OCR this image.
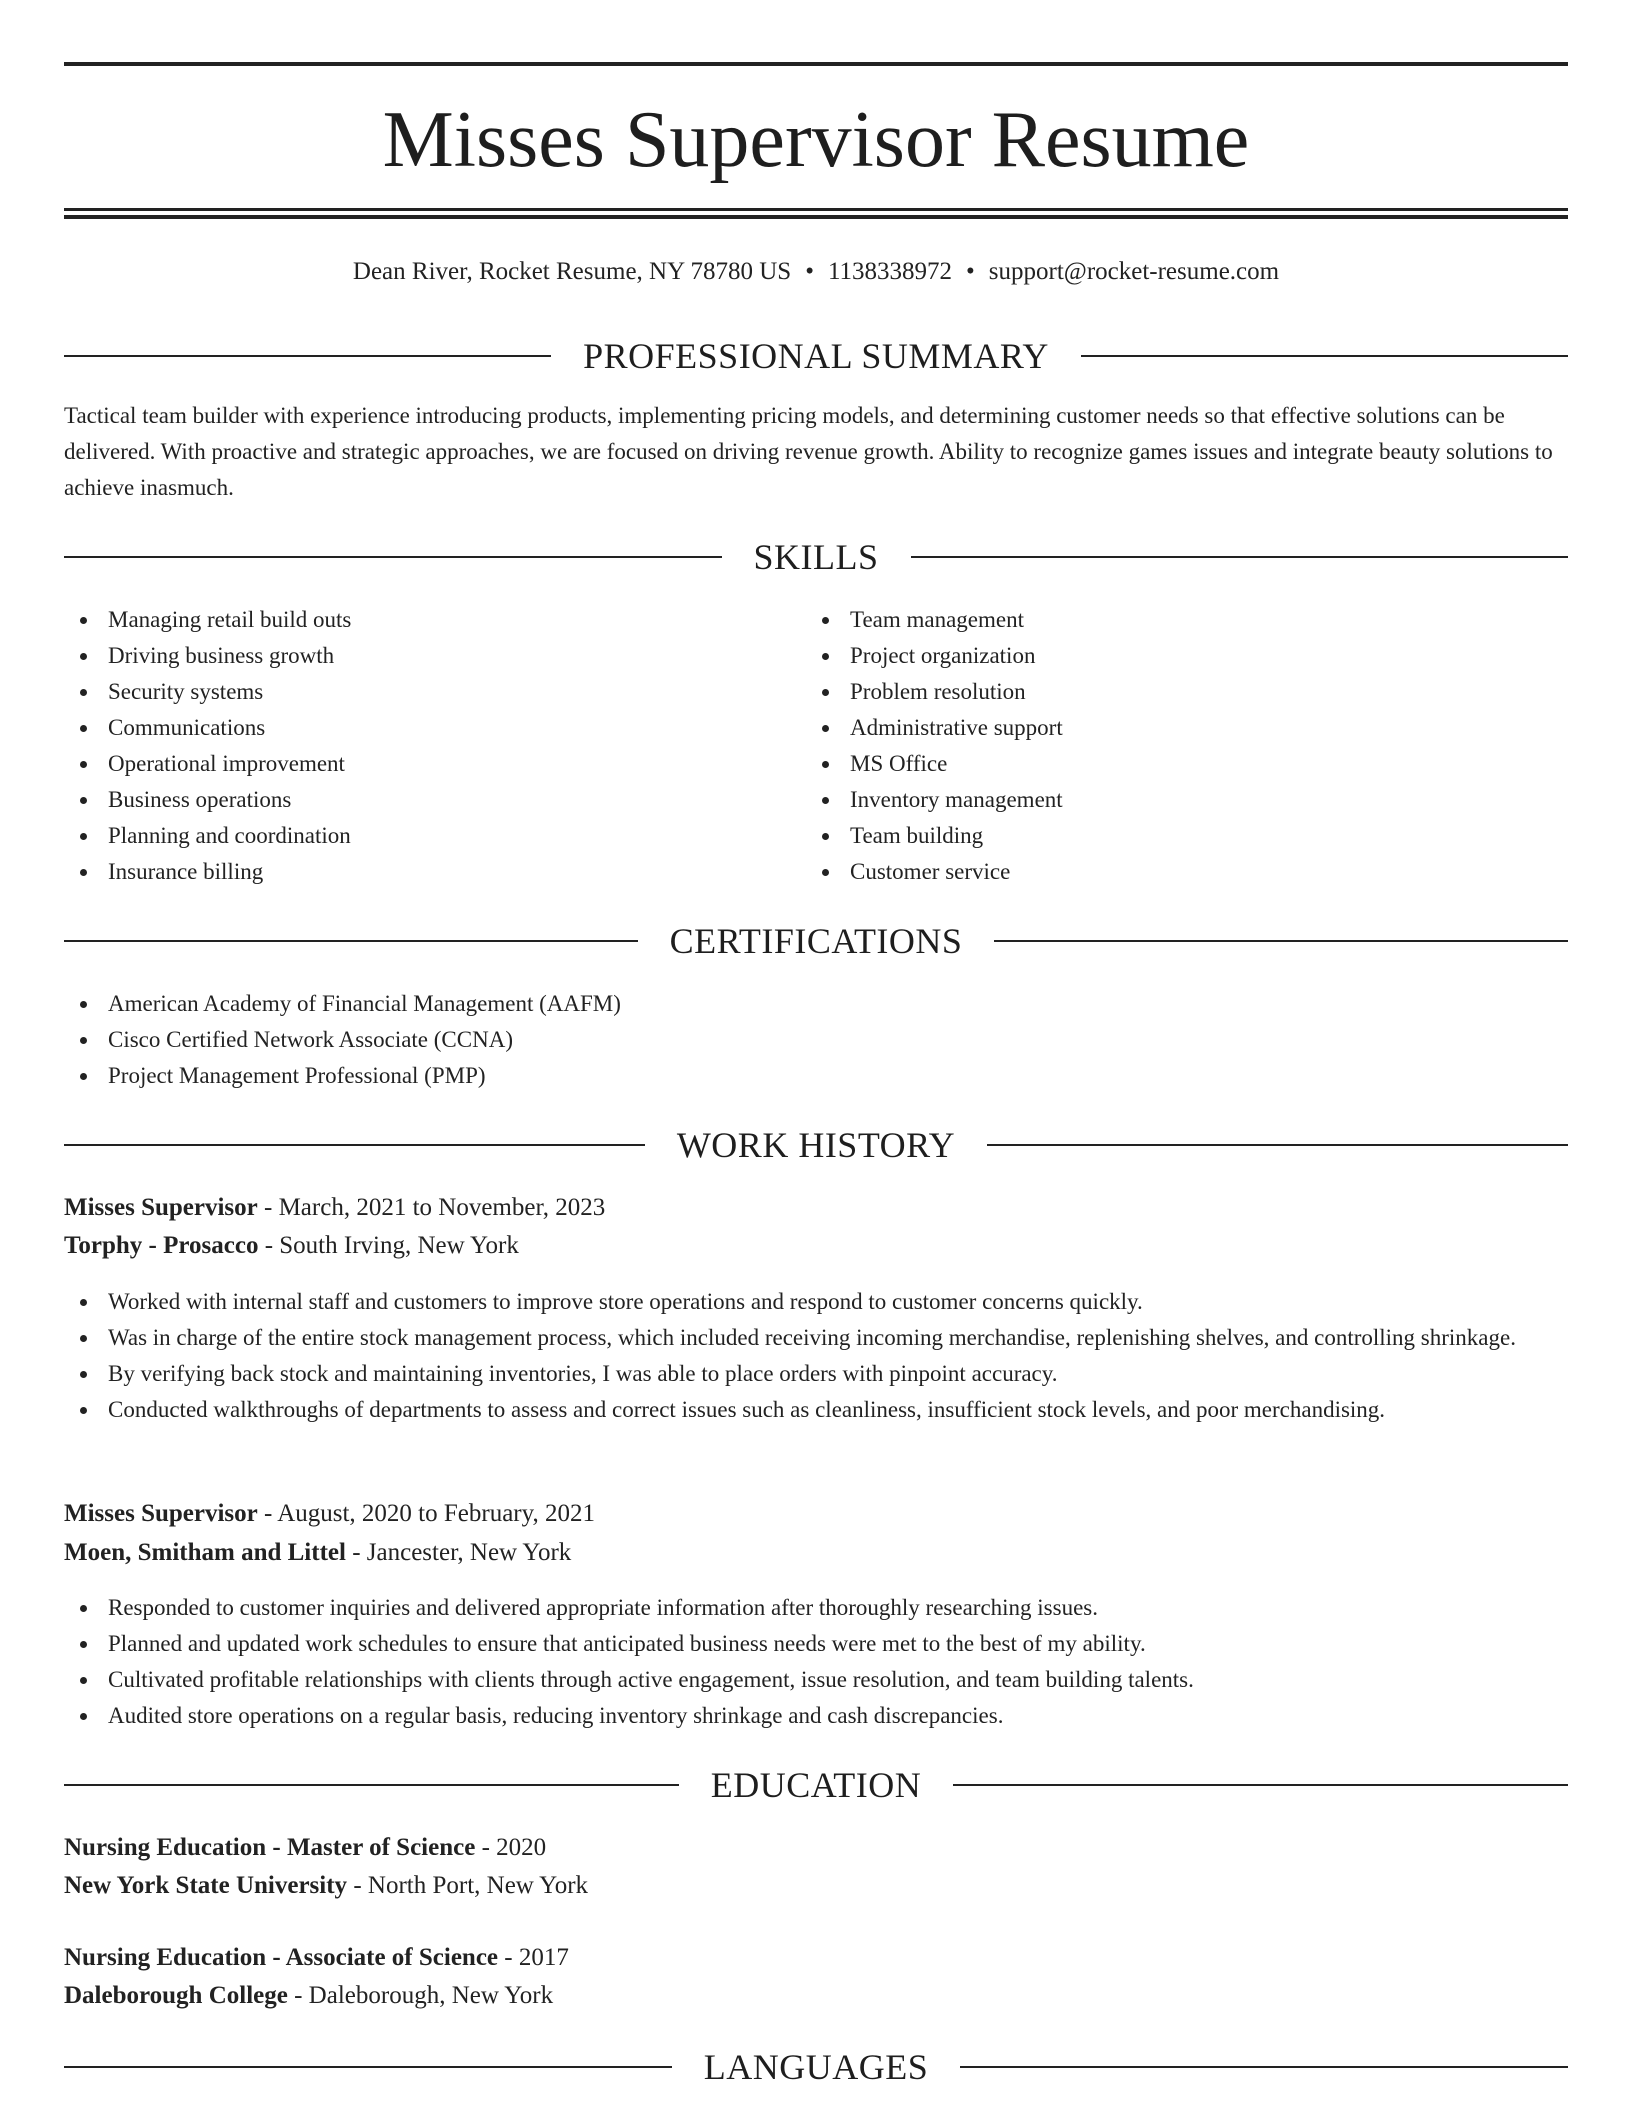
Misses Supervisor Resume
Dean River, Rocket Resume, NY 78780 US • 1138338972 • support@rocket-resume.com
PROFESSIONAL SUMMARY

Tactical team builder with experience introducing products, implementing pricing models, and determining customer needs so that effective solutions can be delivered. With proactive and strategic approaches, we are focused on driving revenue growth. Ability to recognize games issues and integrate beauty solutions to achieve inasmuch.

SKILLS
Managing retail build outs
Driving business growth
Security systems
Communications
Operational improvement
Business operations
Planning and coordination
Insurance billing
Team management
Project organization
Problem resolution
Administrative support
MS Office
Inventory management
Team building
Customer service
CERTIFICATIONS
American Academy of Financial Management (AAFM)
Cisco Certified Network Associate (CCNA)
Project Management Professional (PMP)
WORK HISTORY
Misses Supervisor - March, 2021 to November, 2023
Torphy - Prosacco - South Irving, New York
Worked with internal staff and customers to improve store operations and respond to customer concerns quickly.
Was in charge of the entire stock management process, which included receiving incoming merchandise, replenishing shelves, and controlling shrinkage.
By verifying back stock and maintaining inventories, I was able to place orders with pinpoint accuracy.
Conducted walkthroughs of departments to assess and correct issues such as cleanliness, insufficient stock levels, and poor merchandising.
Misses Supervisor - August, 2020 to February, 2021
Moen, Smitham and Littel - Jancester, New York
Responded to customer inquiries and delivered appropriate information after thoroughly researching issues.
Planned and updated work schedules to ensure that anticipated business needs were met to the best of my ability.
Cultivated profitable relationships with clients through active engagement, issue resolution, and team building talents.
Audited store operations on a regular basis, reducing inventory shrinkage and cash discrepancies.
EDUCATION
Nursing Education - Master of Science - 2020
New York State University - North Port, New York
Nursing Education - Associate of Science - 2017
Daleborough College - Daleborough, New York
LANGUAGES
